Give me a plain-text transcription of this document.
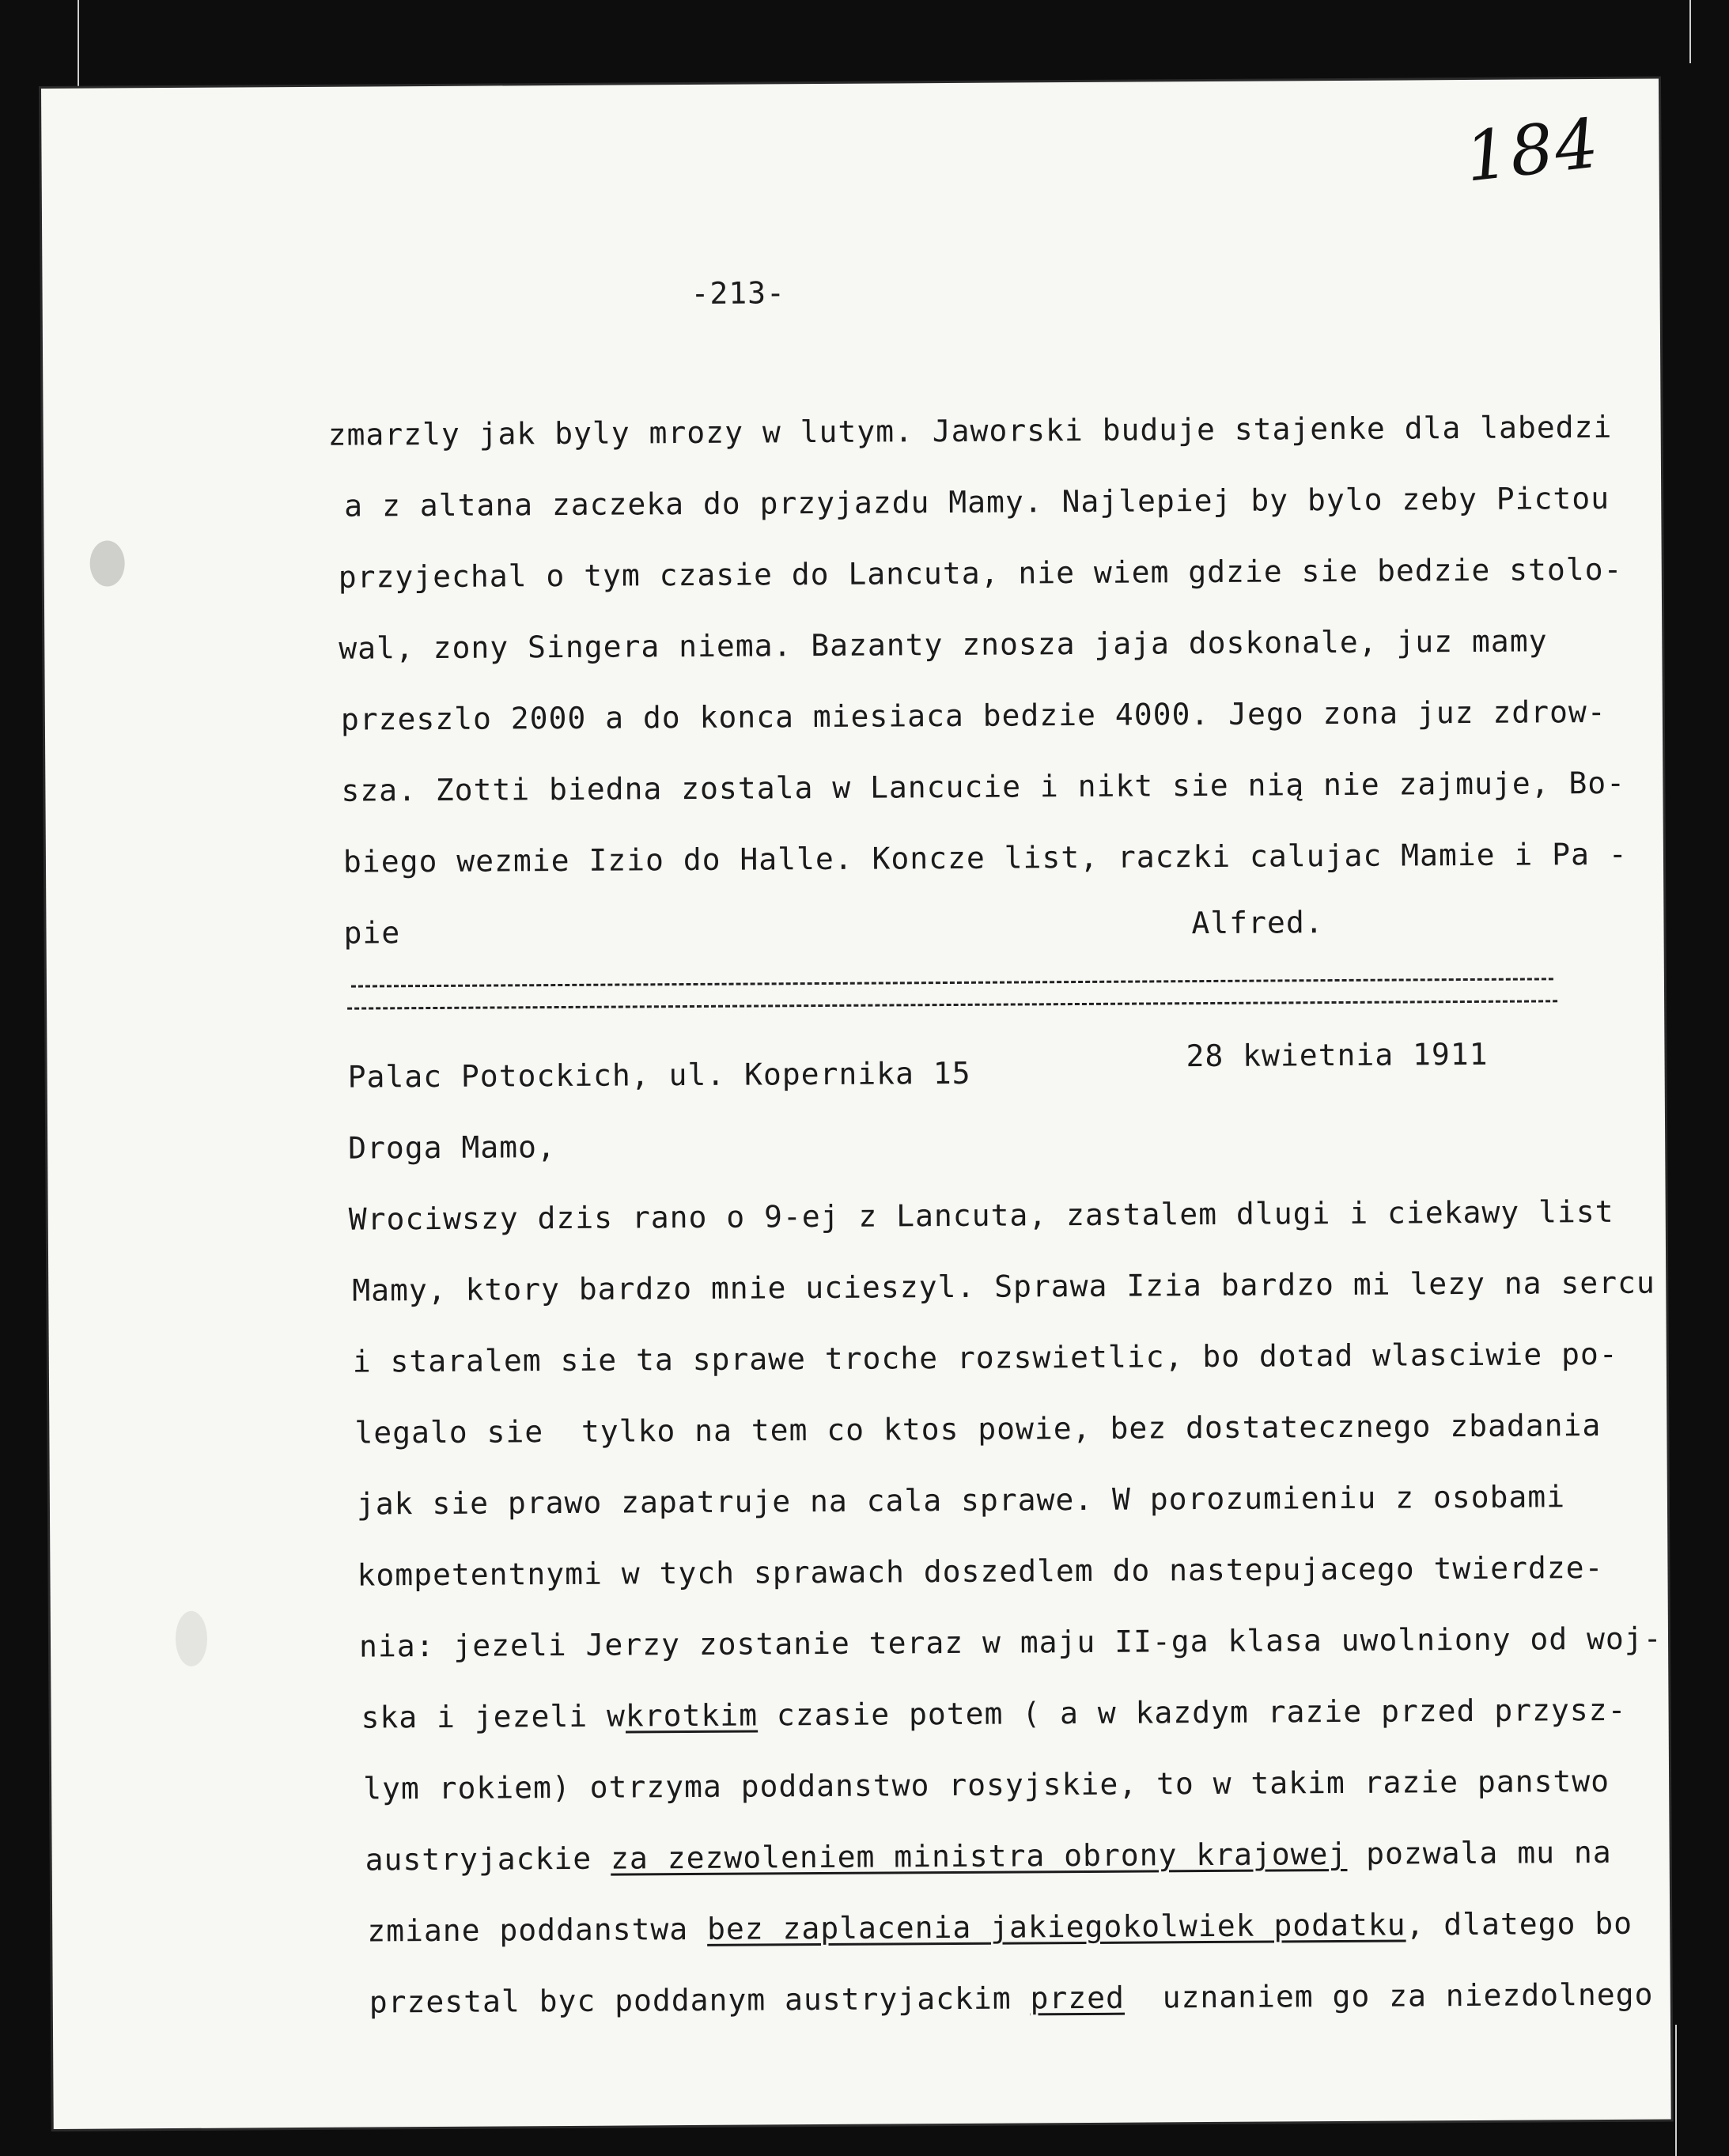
184

-213-

zmarzly jak byly mrozy w lutym. Jaworski buduje stajenke dla labedzi

a z altana zaczeka do przyjazdu Mamy. Najlepiej by bylo zeby Pictou

przyjechal o tym czasie do Lancuta, nie wiem gdzie sie bedzie stolo-

wal, zony Singera niema. Bazanty znosza jaja doskonale, juz mamy

przeszlo 2000 a do konca miesiaca bedzie 4000. Jego zona juz zdrow-

sza. Zotti biedna zostala w Lancucie i nikt sie nią nie zajmuje, Bo-

biego wezmie Izio do Halle. Koncze list, raczki calujac Mamie i Pa -

pie

	Alfred.

Palac Potockich, ul. Kopernika 15

28 kwietnia 1911

Droga Mamo,

Wrociwszy dzis rano o 9-ej z Lancuta, zastalem dlugi i ciekawy list

Mamy, ktory bardzo mnie ucieszyl. Sprawa Izia bardzo mi lezy na sercu

i staralem sie ta sprawe troche rozswietlic, bo dotad wlasciwie po-

legalo sie  tylko na tem co ktos powie, bez dostatecznego zbadania

jak sie prawo zapatruje na cala sprawe. W porozumieniu z osobami

kompetentnymi w tych sprawach doszedlem do nastepujacego twierdze-

nia: jezeli Jerzy zostanie teraz w maju II-ga klasa uwolniony od woj-

ska i jezeli wkrotkim czasie potem ( a w kazdym razie przed przysz-

lym rokiem) otrzyma poddanstwo rosyjskie, to w takim razie panstwo

austryjackie za zezwoleniem ministra obrony krajowej pozwala mu na

zmiane poddanstwa bez zaplacenia jakiegokolwiek podatku, dlatego bo

przestal byc poddanym austryjackim przed  uznaniem go za niezdolnego
